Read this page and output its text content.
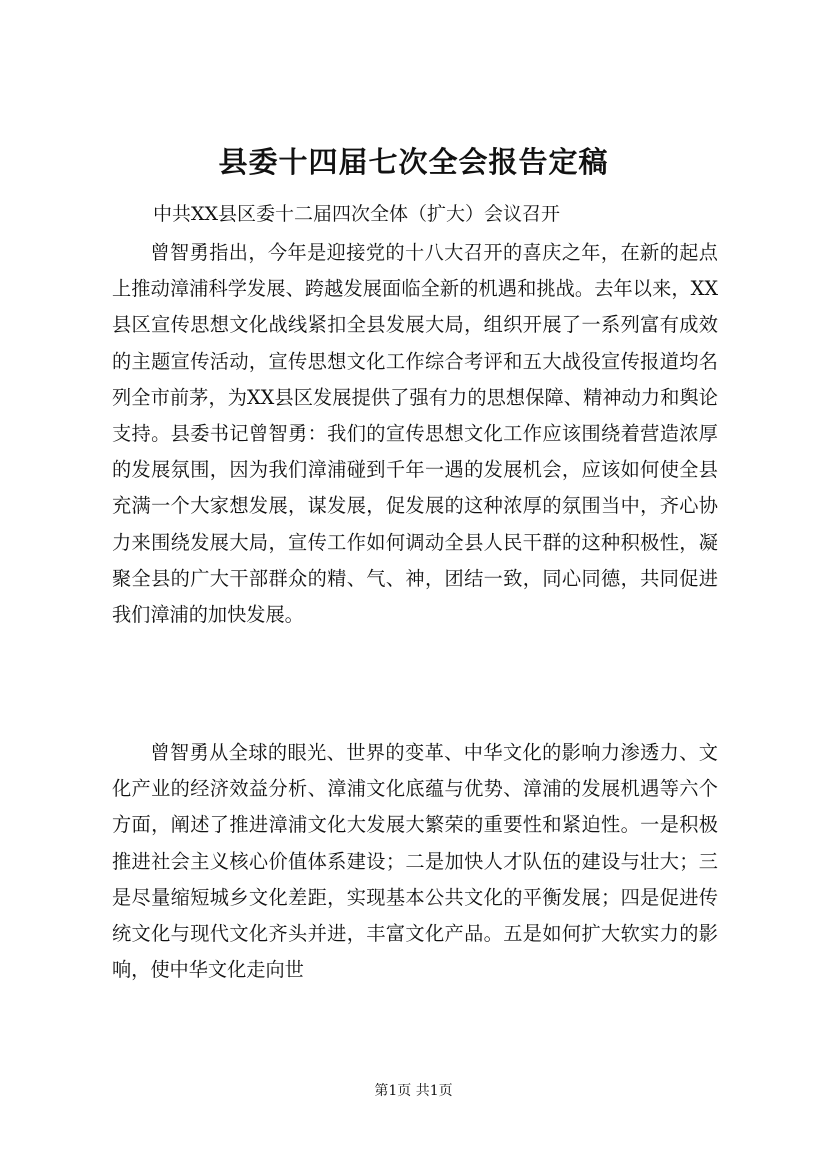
县委十四届七次全会报告定稿

中共XX县区委十二届四次全体（扩大）会议召开

曾智勇指出，今年是迎接党的十八大召开的喜庆之年，在新的起点上推动漳浦科学发展、跨越发展面临全新的机遇和挑战。去年以来，XX县区宣传思想文化战线紧扣全县发展大局，组织开展了一系列富有成效的主题宣传活动，宣传思想文化工作综合考评和五大战役宣传报道均名列全市前茅，为XX县区发展提供了强有力的思想保障、精神动力和舆论支持。县委书记曾智勇：我们的宣传思想文化工作应该围绕着营造浓厚的发展氛围，因为我们漳浦碰到千年一遇的发展机会，应该如何使全县充满一个大家想发展，谋发展，促发展的这种浓厚的氛围当中，齐心协力来围绕发展大局，宣传工作如何调动全县人民干群的这种积极性，凝聚全县的广大干部群众的精、气、神，团结一致，同心同德，共同促进我们漳浦的加快发展。

曾智勇从全球的眼光、世界的变革、中华文化的影响力渗透力、文化产业的经济效益分析、漳浦文化底蕴与优势、漳浦的发展机遇等六个方面，阐述了推进漳浦文化大发展大繁荣的重要性和紧迫性。一是积极推进社会主义核心价值体系建设；二是加快人才队伍的建设与壮大；三是尽量缩短城乡文化差距，实现基本公共文化的平衡发展；四是促进传统文化与现代文化齐头并进，丰富文化产品。五是如何扩大软实力的影响，使中华文化走向世

第1页 共1页
